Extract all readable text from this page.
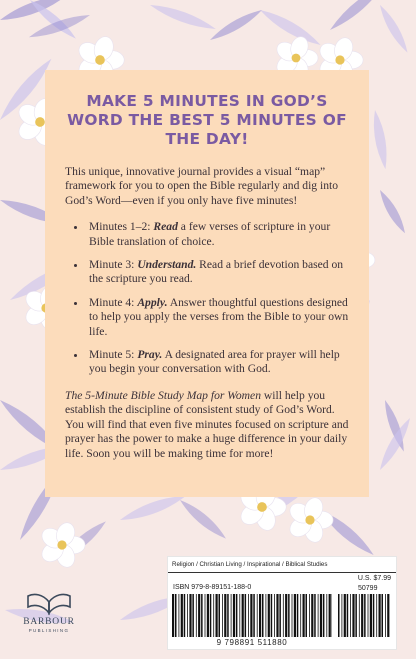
MAKE 5 MINUTES IN GOD’S WORD THE BEST 5 MINUTES OF THE DAY!

This unique, innovative journal provides a visual “map” framework for you to open the Bible regularly and dig into God’s Word—even if you only have five minutes!

• Minutes 1–2: Read a few verses of scripture in your Bible translation of choice.
• Minute 3: Understand. Read a brief devotion based on the scripture you read.
• Minute 4: Apply. Answer thoughtful questions designed to help you apply the verses from the Bible to your own life.
• Minute 5: Pray. A designated area for prayer will help you begin your conversation with God.

The 5-Minute Bible Study Map for Women will help you establish the discipline of consistent study of God’s Word. You will find that even five minutes focused on scripture and prayer has the power to make a huge difference in your daily life. Soon you will be making time for more!

BARBOUR
PUBLISHING
Religion / Christian Living / Inspirational / Biblical Studies
U.S. $7.99
ISBN 979-8-89151-188-0	50799
9 798891 511880
